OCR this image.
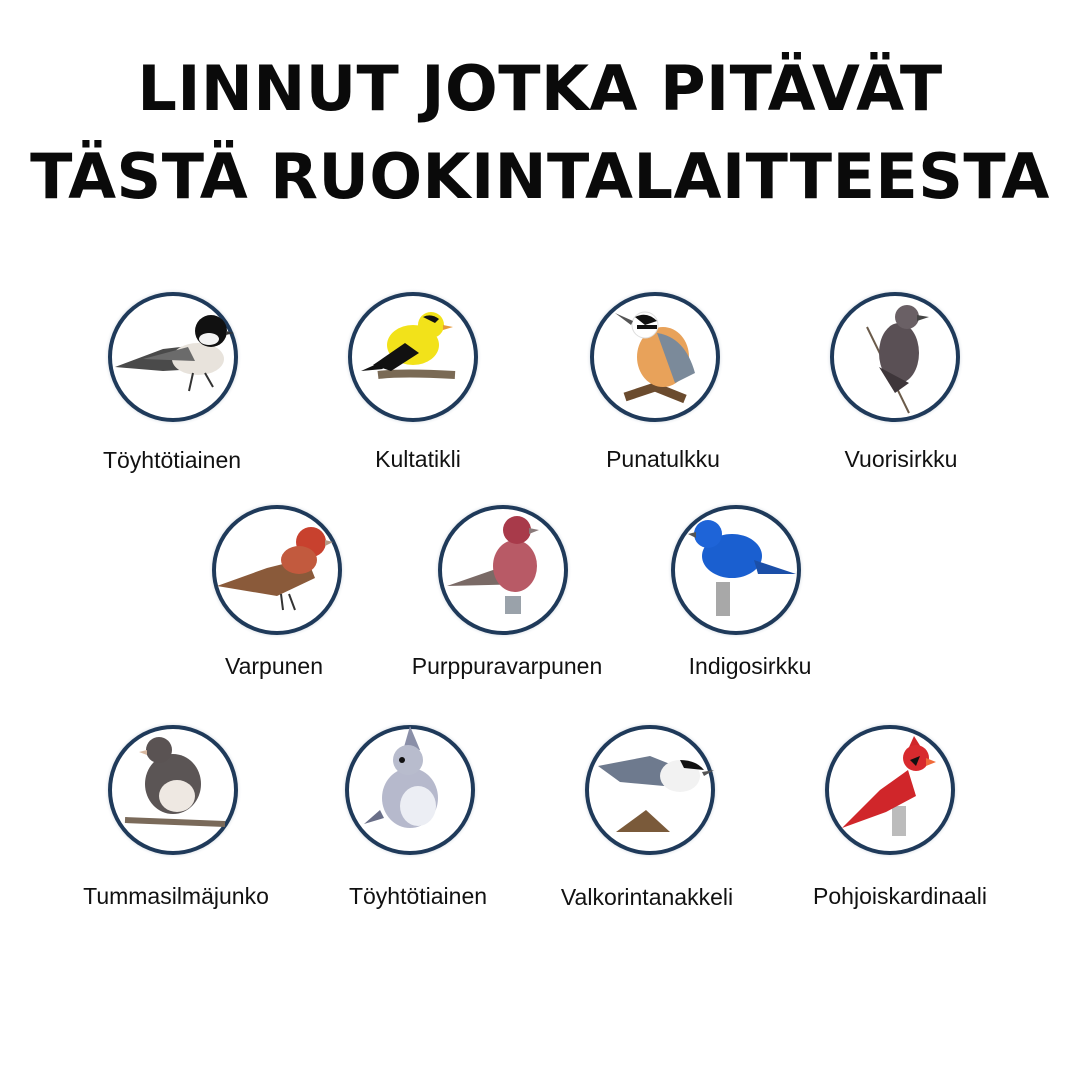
LINNUT JOTKA PITÄVÄT
TÄSTÄ RUOKINTALAITTEESTA
Töyhtötiainen	Kultatikli	Punatulkku	Vuorisirkku
Varpunen	Purppuravarpunen	Indigosirkku
Tummasilmäjunko	Töyhtötiainen	Valkorintanakkeli	Pohjoiskardinaali
